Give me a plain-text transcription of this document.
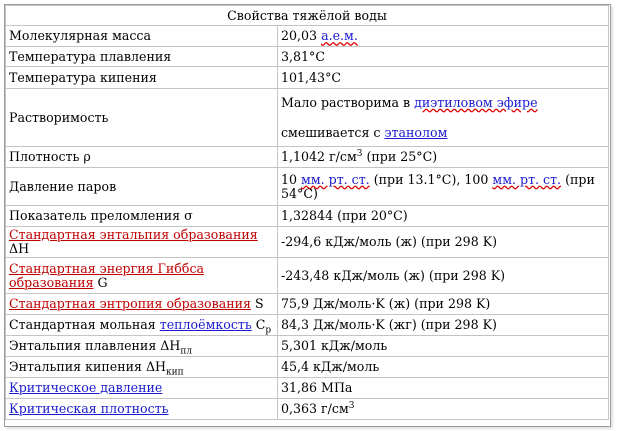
Свойства тяжёлой воды	
Молекулярная масса	20,03 а.е.м.
Температура плавления	3,81°C
Температура кипения	101,43°C
Растворимость	Мало растворима в диэтиловом эфире
смешивается с этанолом
Плотность ρ	1,1042 $г/см^3$ (при 25°C)
Давление паров	10 мм. рт. ст. (при 13.1°C), 100 мм. рт. ст. (при 54°C)
Показатель преломления σ	1,32844 (при 20°C)
Стандартная энтальпия образования ΔH	-294,6 кДж/моль (ж) (при 298 K)
Стандартная энергия Гиббса образования G	-243,48 кДж/моль (ж) (при 298 K)
Стандартная энтропия образования S	75,9 Дж/моль·K (ж) (при 298 K)
Стандартная мольная теплоёмкость $C_p$	84,3 Дж/моль·K (жг) (при 298 K)
Энтальпия плавления $\Delta H_{пл}$	5,301 кДж/моль
Энтальпия кипения $\Delta H_{кип}$	45,4 кДж/моль
Критическое давление	31,86 МПа
Критическая плотность	0,363 $г/см^3$
